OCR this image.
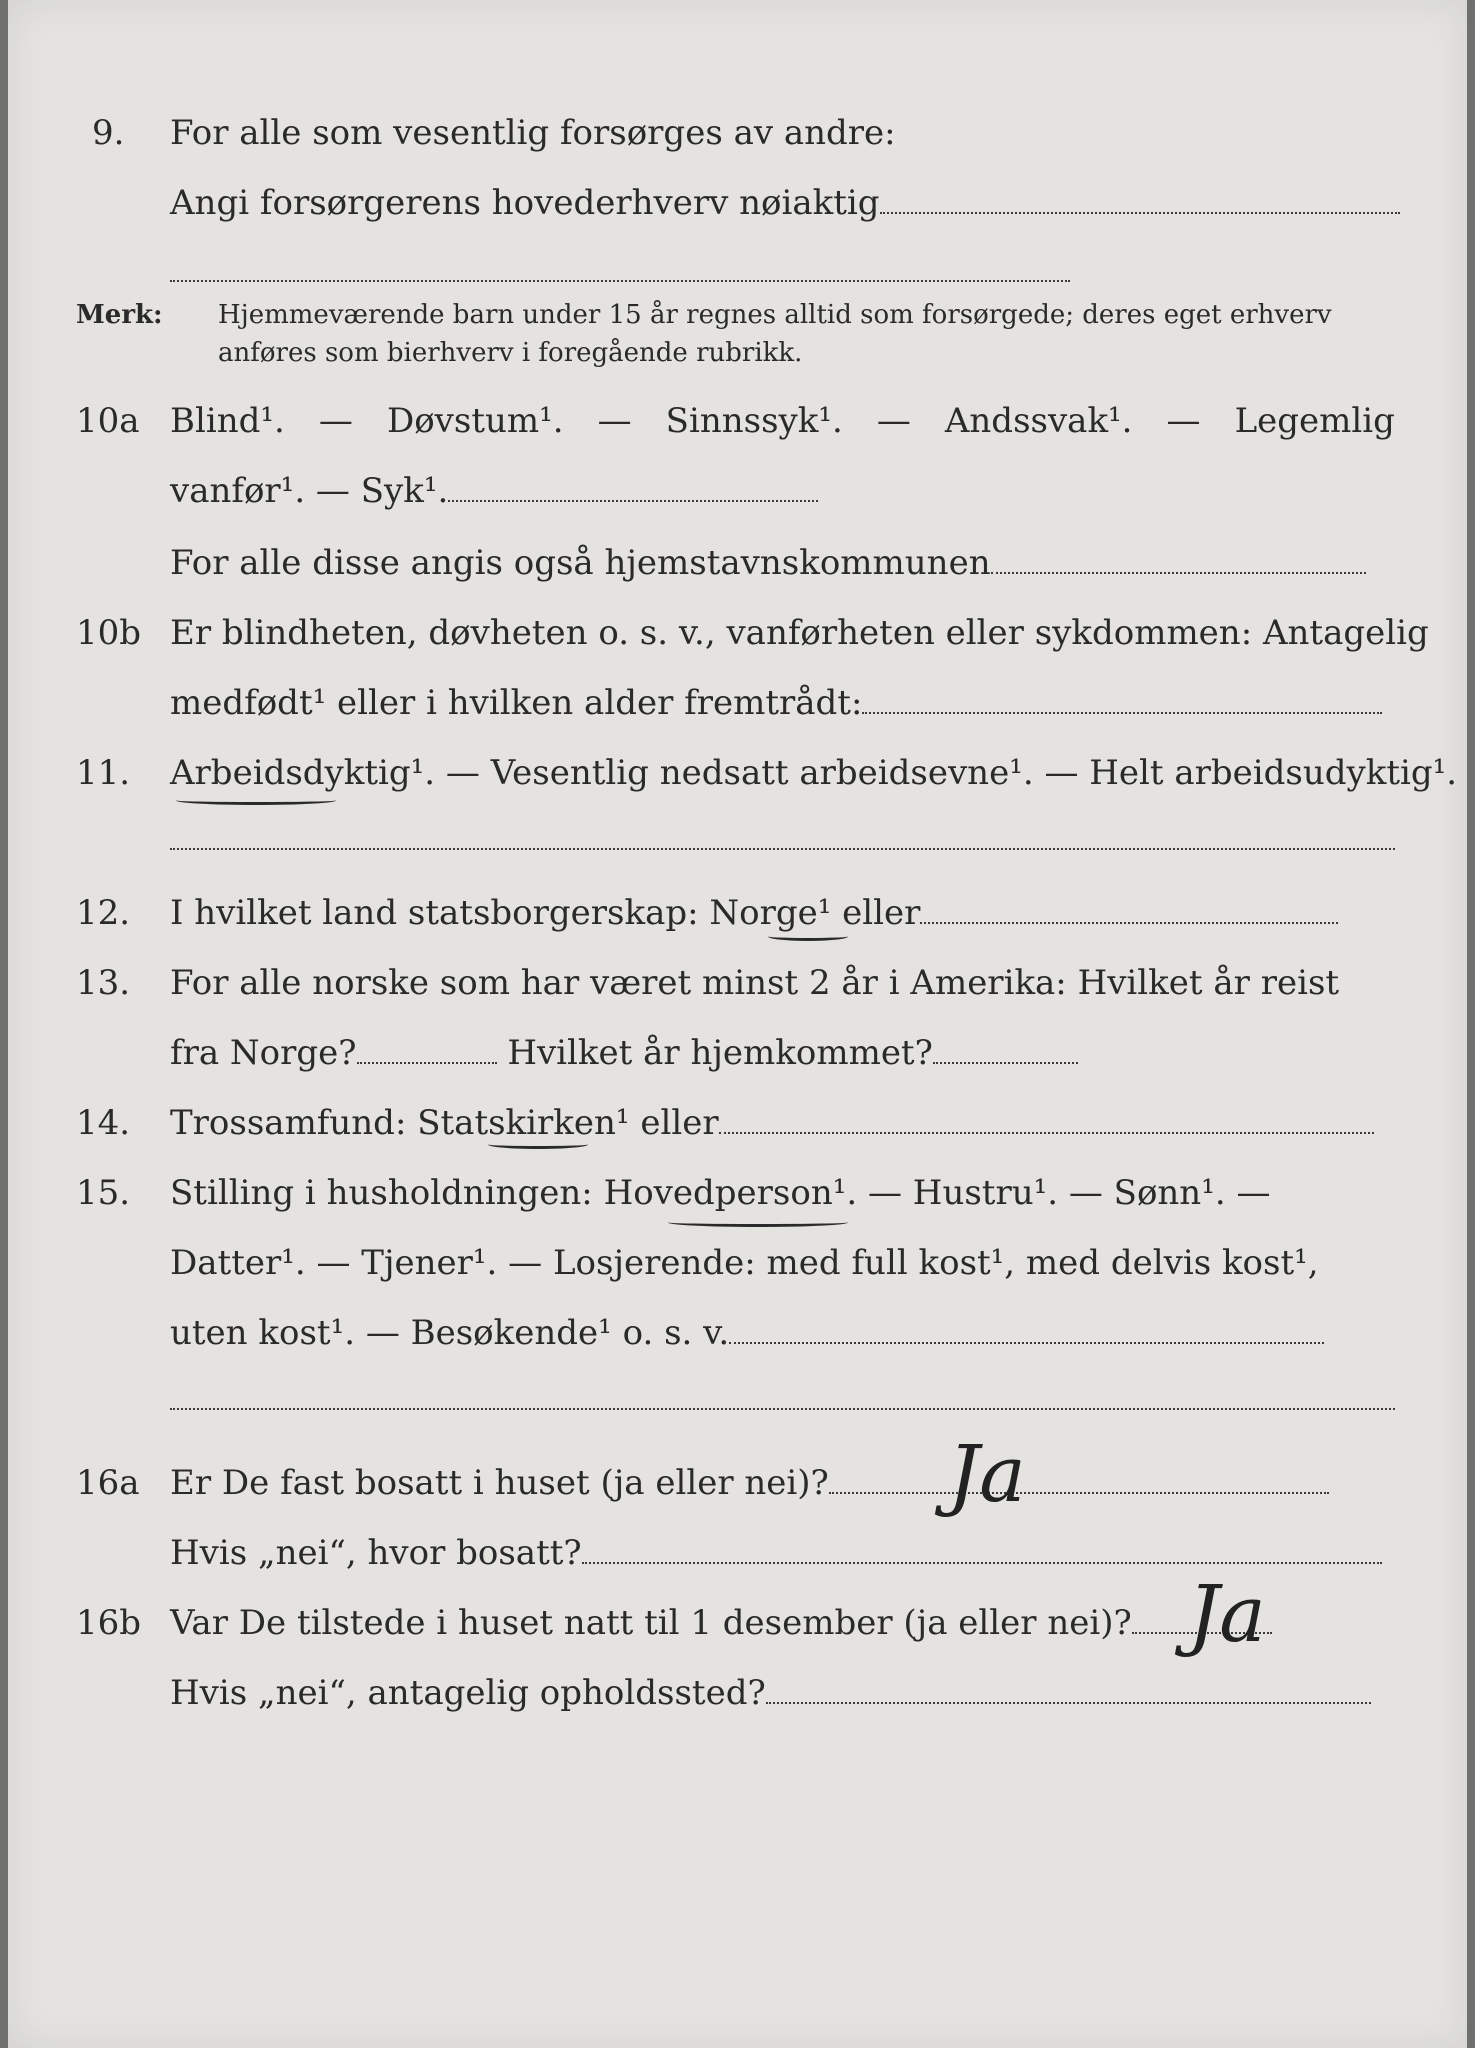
9. For alle som vesentlig forsørges av andre:
Angi forsørgerens hovederhverv nøiaktig
Merk: Hjemmeværende barn under 15 år regnes alltid som forsørgede; deres eget erhverv
anføres som bierhverv i foregående rubrikk.
10a Blind¹. — Døvstum¹. — Sinnssyk¹. — Andssvak¹. — Legemlig
vanfør¹. — Syk¹.
For alle disse angis også hjemstavnskommunen
10b Er blindheten, døvheten o. s. v., vanførheten eller sykdommen: Antagelig
medfødt¹ eller i hvilken alder fremtrådt:
11. Arbeidsdyktig¹. — Vesentlig nedsatt arbeidsevne¹. — Helt arbeidsudyktig¹.
12. I hvilket land statsborgerskap: Norge¹ eller
13. For alle norske som har været minst 2 år i Amerika: Hvilket år reist
fra Norge?	Hvilket år hjemkommet?
14. Trossamfund: Statskirken¹ eller
15. Stilling i husholdningen: Hovedperson¹. — Hustru¹. — Sønn¹. —
Datter¹. — Tjener¹. — Losjerende: med full kost¹, med delvis kost¹,
uten kost¹. — Besøkende¹ o. s. v.
16a Er De fast bosatt i huset (ja eller nei)?	Ja
Hvis „nei“, hvor bosatt?
16b Var De tilstede i huset natt til 1 desember (ja eller nei)? Ja
Hvis „nei“, antagelig opholdssted?
